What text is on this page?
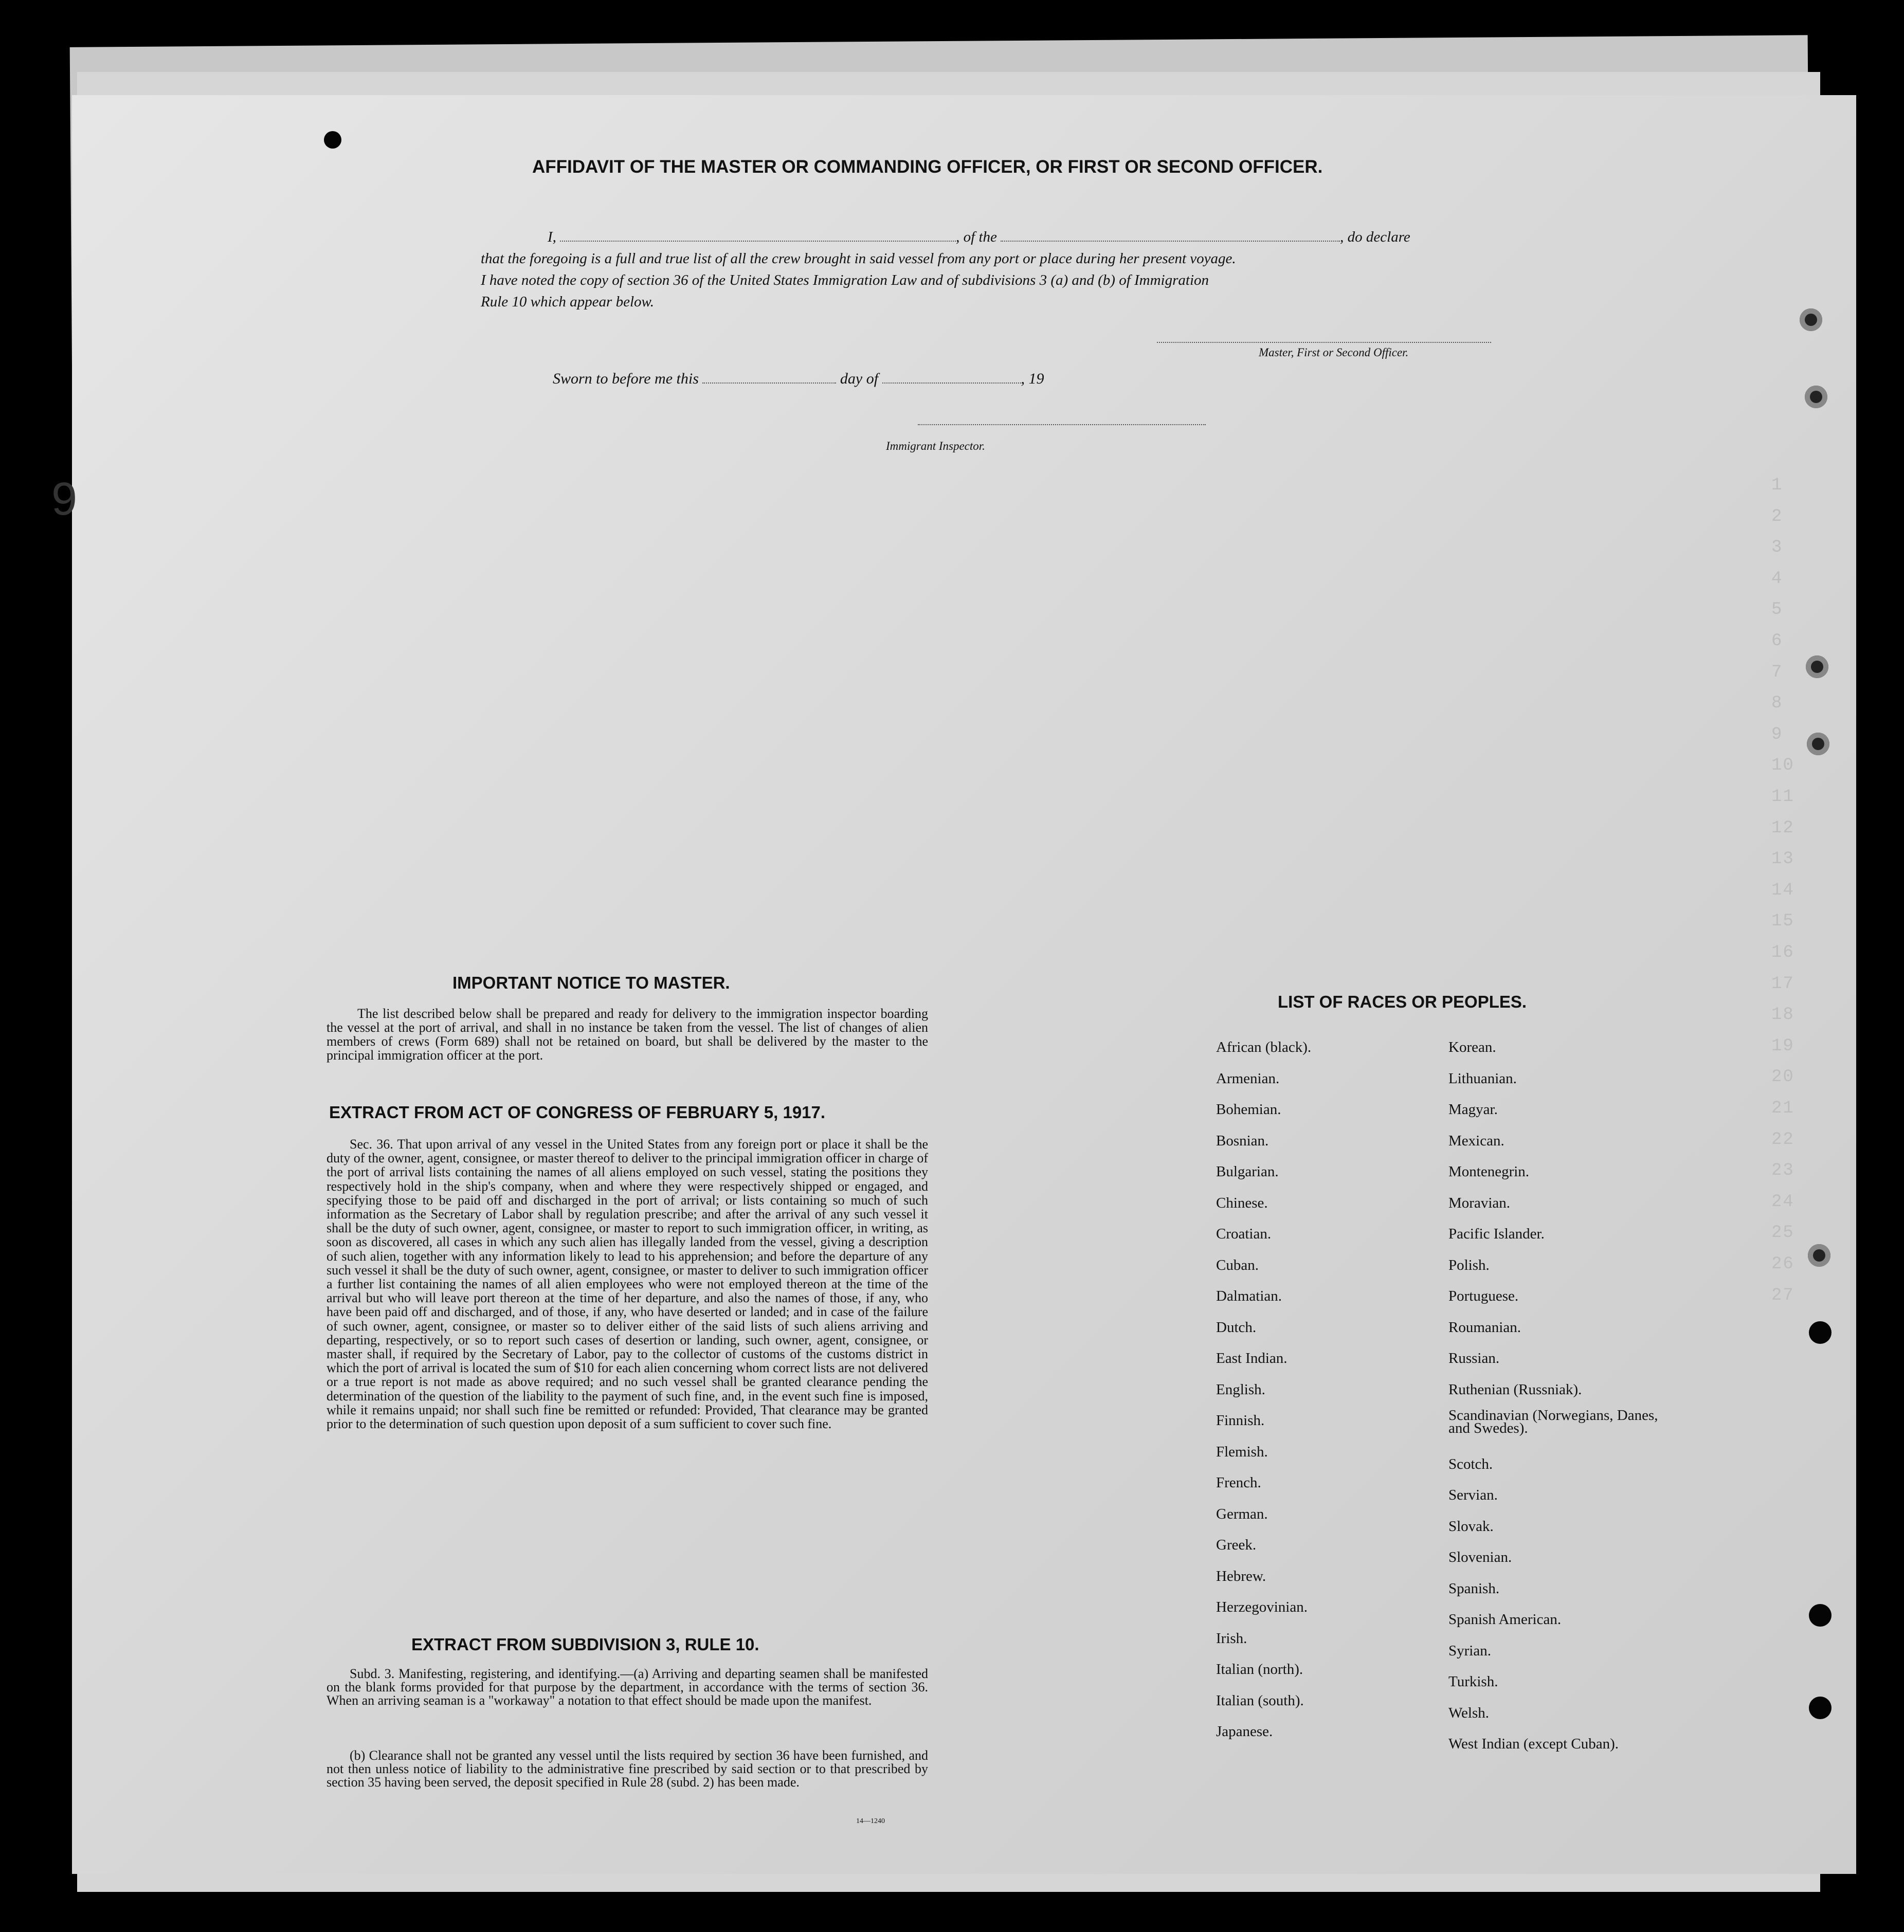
1
2
3
4
5
6
7
8
9
10
11
12
13
14
15
16
17
18
19
20
21
22
23
24
25
26
27
9
AFFIDAVIT OF THE MASTER OR COMMANDING OFFICER, OR FIRST OR SECOND OFFICER.
I,	, of the	, do declare
that the foregoing is a full and true list of all the crew brought in said vessel from any port or place during her present voyage.
I have noted the copy of section 36 of the United States Immigration Law and of subdivisions 3 (a) and (b) of Immigration
Rule 10 which appear below.
Master, First or Second Officer.
Sworn to before me this	day of	, 19
Immigrant Inspector.
IMPORTANT NOTICE TO MASTER.
The list described below shall be prepared and ready for delivery to the immigration inspector boarding the vessel at the port of arrival, and shall in no instance be taken from the vessel. The list of changes of alien members of crews (Form 689) shall not be retained on board, but shall be delivered by the master to the principal immigration officer at the port.
EXTRACT FROM ACT OF CONGRESS OF FEBRUARY 5, 1917.
Sec. 36. That upon arrival of any vessel in the United States from any foreign port or place it shall be the duty of the owner, agent, consignee, or master thereof to deliver to the principal immigration officer in charge of the port of arrival lists containing the names of all aliens employed on such vessel, stating the positions they respectively hold in the ship's company, when and where they were respectively shipped or engaged, and specifying those to be paid off and discharged in the port of arrival; or lists containing so much of such information as the Secretary of Labor shall by regulation prescribe; and after the arrival of any such vessel it shall be the duty of such owner, agent, consignee, or master to report to such immigration officer, in writing, as soon as discovered, all cases in which any such alien has illegally landed from the vessel, giving a description of such alien, together with any information likely to lead to his apprehension; and before the departure of any such vessel it shall be the duty of such owner, agent, consignee, or master to deliver to such immigration officer a further list containing the names of all alien employees who were not employed thereon at the time of the arrival but who will leave port thereon at the time of her departure, and also the names of those, if any, who have been paid off and discharged, and of those, if any, who have deserted or landed; and in case of the failure of such owner, agent, consignee, or master so to deliver either of the said lists of such aliens arriving and departing, respectively, or so to report such cases of desertion or landing, such owner, agent, consignee, or master shall, if required by the Secretary of Labor, pay to the collector of customs of the customs district in which the port of arrival is located the sum of $10 for each alien concerning whom correct lists are not delivered or a true report is not made as above required; and no such vessel shall be granted clearance pending the determination of the question of the liability to the payment of such fine, and, in the event such fine is imposed, while it remains unpaid; nor shall such fine be remitted or refunded: Provided, That clearance may be granted prior to the determination of such question upon deposit of a sum sufficient to cover such fine.
EXTRACT FROM SUBDIVISION 3, RULE 10.
Subd. 3. Manifesting, registering, and identifying.—(a) Arriving and departing seamen shall be manifested on the blank forms provided for that purpose by the department, in accordance with the terms of section 36. When an arriving seaman is a "workaway" a notation to that effect should be made upon the manifest.
(b) Clearance shall not be granted any vessel until the lists required by section 36 have been furnished, and not then unless notice of liability to the administrative fine prescribed by said section or to that prescribed by section 35 having been served, the deposit specified in Rule 28 (subd. 2) has been made.
14—1240
LIST OF RACES OR PEOPLES.
African (black).
Armenian.
Bohemian.
Bosnian.
Bulgarian.
Chinese.
Croatian.
Cuban.
Dalmatian.
Dutch.
East Indian.
English.
Finnish.
Flemish.
French.
German.
Greek.
Hebrew.
Herzegovinian.
Irish.
Italian (north).
Italian (south).
Japanese.
Korean.
Lithuanian.
Magyar.
Mexican.
Montenegrin.
Moravian.
Pacific Islander.
Polish.
Portuguese.
Roumanian.
Russian.
Ruthenian (Russniak).
Scandinavian (Norwegians, Danes, and Swedes).
Scotch.
Servian.
Slovak.
Slovenian.
Spanish.
Spanish American.
Syrian.
Turkish.
Welsh.
West Indian (except Cuban).
